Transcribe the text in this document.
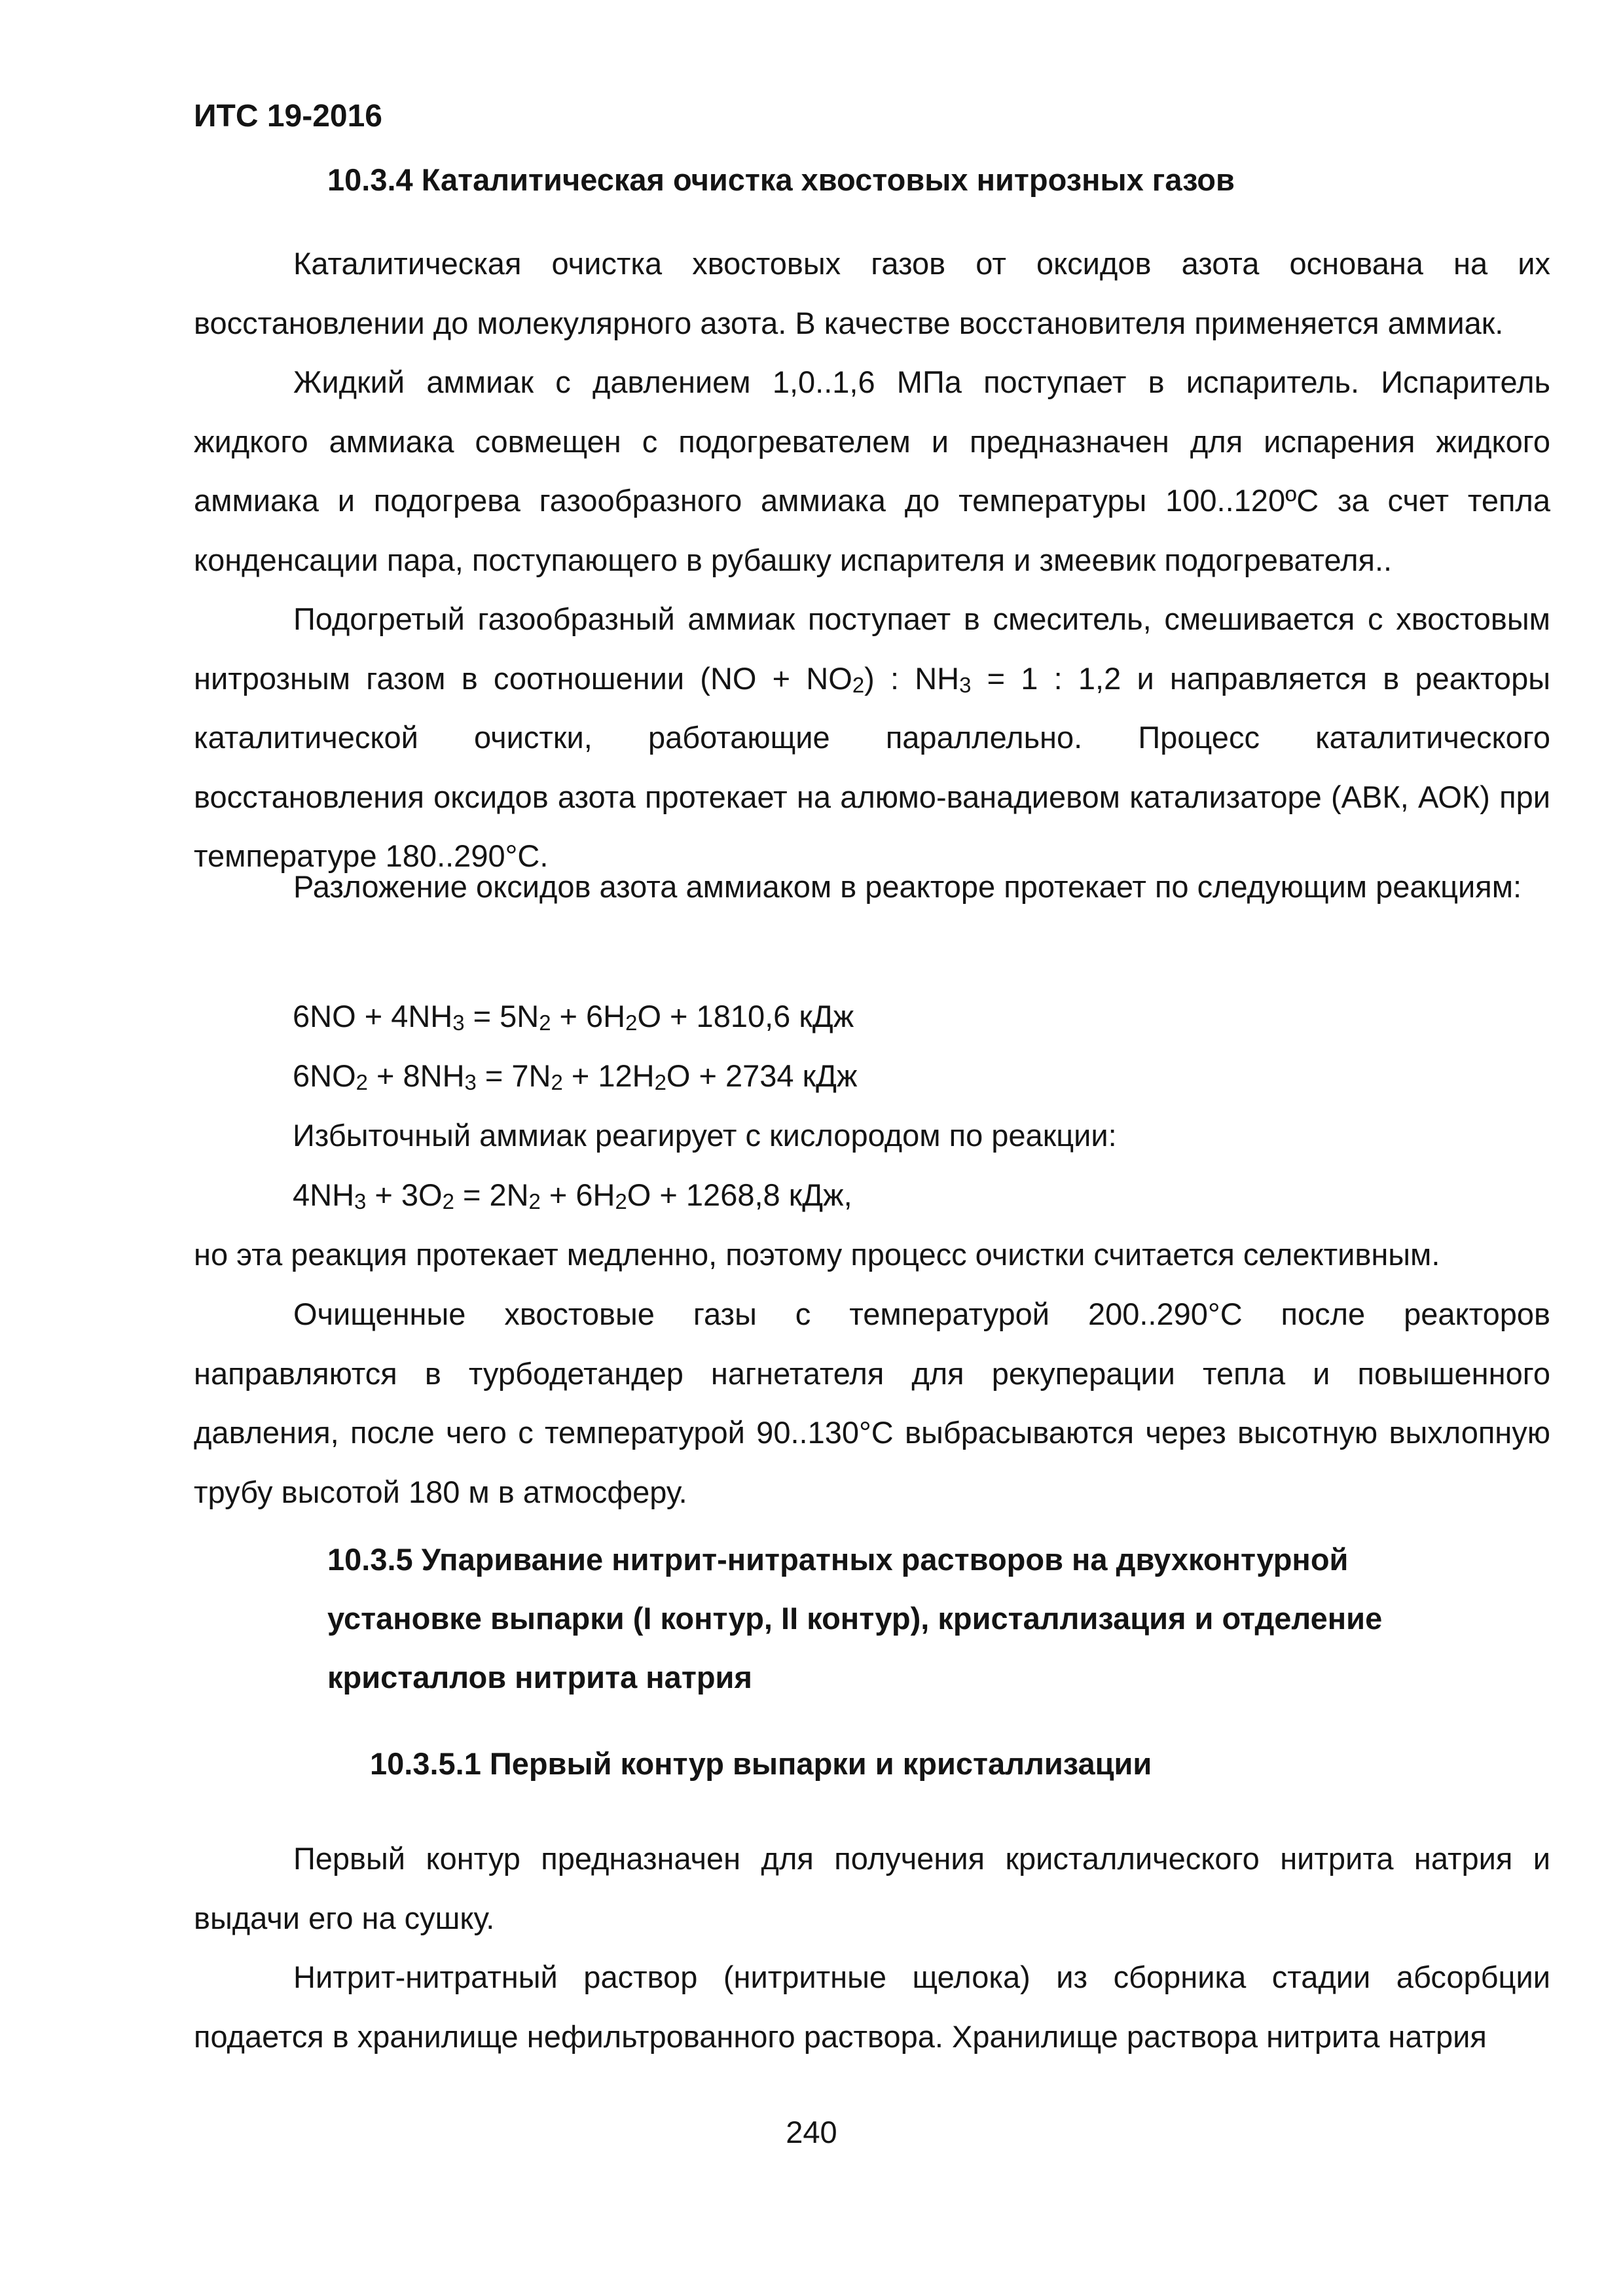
ИТС 19-2016
10.3.4 Каталитическая очистка хвостовых нитрозных газов

Каталитическая очистка хвостовых газов от оксидов азота основана на их восстановлении до молекулярного азота. В качестве восстановителя применяется аммиак.

Жидкий аммиак с давлением 1,0..1,6 МПа поступает в испаритель. Испаритель жидкого аммиака совмещен с подогревателем и предназначен для испарения жидкого аммиака и подогрева газообразного аммиака до температуры 100..120ºС за счет тепла конденсации пара, поступающего в рубашку испарителя и змеевик подогревателя..

Подогретый газообразный аммиак поступает в смеситель, смешивается с хвостовым нитрозным газом в соотношении $(NO + NO_2)$ : $NH_3 = 1$ : 1,2 и направляется в реакторы каталитической очистки, работающие параллельно. Процесс каталитического восстановления оксидов азота протекает на алюмо-ванадиевом катализаторе (АВК, АОК) при температуре 180..290°С.

Разложение оксидов азота аммиаком в реакторе протекает по следующим реакциям:

$6NO + 4NH_3 = 5N_2 + 6H_2O + 1810,6$ кДж
$6NO_2 + 8NH_3 = 7N_2 + 12H_2O + 2734$ кДж
Избыточный аммиак реагирует с кислородом по реакции:
$4NH_3 + 3O_2 = 2N_2 + 6H_2O + 1268,8$ кДж,

но эта реакция протекает медленно, поэтому процесс очистки считается селективным.

Очищенные хвостовые газы с температурой 200..290°С после реакторов направляются в турбодетандер нагнетателя для рекуперации тепла и повышенного давления, после чего с температурой 90..130°С выбрасываются через высотную выхлопную трубу высотой 180 м в атмосферу.

10.3.5 Упаривание нитрит-нитратных растворов на двухконтурной установке выпарки (I контур, II контур), кристаллизация и отделение кристаллов нитрита натрия
10.3.5.1 Первый контур выпарки и кристаллизации

Первый контур предназначен для получения кристаллического нитрита натрия и выдачи его на сушку.

Нитрит-нитратный раствор (нитритные щелока) из сборника стадии абсорбции подается в хранилище нефильтрованного раствора. Хранилище раствора нитрита натрия

240
